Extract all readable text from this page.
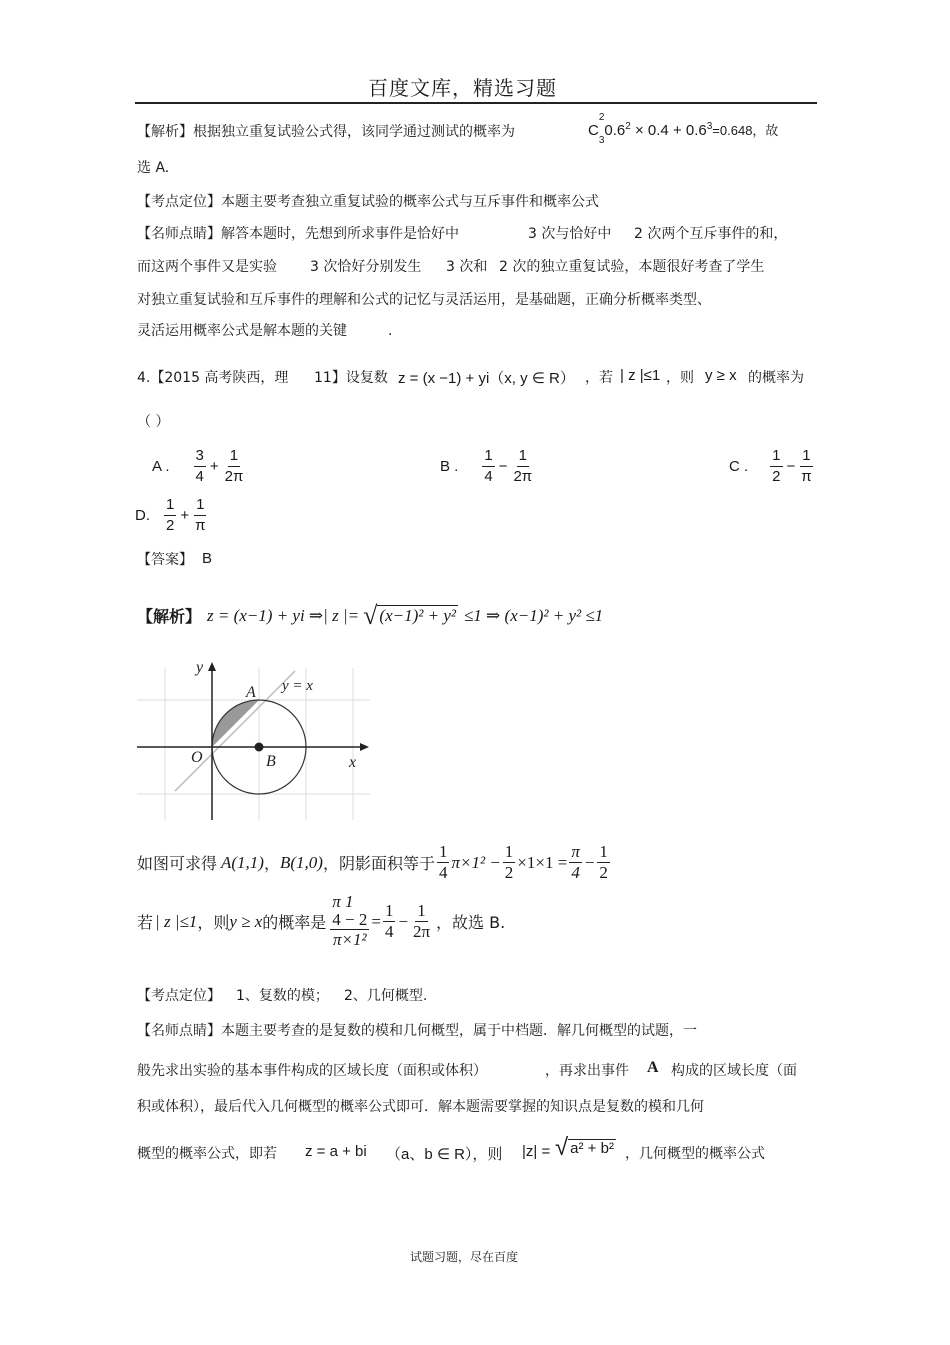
百度文库，精选习题
【解析】根据独立重复试验公式得，该同学通过测试的概率为	C
2
$_30.6^2 \times 0.4 + 0.6^3=0.648$，故
选 A.
【考点定位】本题主要考查独立重复试验的概率公式与互斥事件和概率公式
【名师点睛】解答本题时，先想到所求事件是恰好中	3 次与恰好中 2 次两个互斥事件的和，
而这两个事件又是实验 3 次恰好分别发生 3 次和 2 次的独立重复试验，本题很好考查了学生
对独立重复试验和互斥事件的理解和公式的记忆与灵活运用，是基础题，正确分析概率类型、
灵活运用概率公式是解本题的关键	.
4.【2015 高考陕西，理 11】设复数 z = (x −1) + yi（x, y ∈ R） ，若 | z |≤1 ，则 y ≥ x 的概率为
（ ）
A . $\frac{3}{4} + \frac{1}{2\pi}$	B . $\frac{1}{4} - \frac{1}{2\pi}$	C . $\frac{1}{2} - \frac{1}{\pi}$
D. $\frac{1}{2} + \frac{1}{\pi}$
【答案】 B
【解析】 z = (x−1) + yi ⇒| z |= √ (x−1)² + y² ≤1 ⇒ (x−1)² + y² ≤1
y
x
O
A
B
y = x
如图可求得 A(1,1) ， B(1,0) ，阴影面积等于 $\frac{1}{4} \pi\times 1^2 - \frac{1}{2} \times 1\times 1 = \frac{\pi}{4} - \frac{1}{2}$
若 | z |≤1 ，则 y ≥ x 的概率是 π 1
4 − 2
$\pi\times 1^2 = \frac{1}{4} - \frac{1}{2\pi}$ ，故选 B.
【考点定位】 1、复数的模； 2、几何概型.
【名师点睛】本题主要考查的是复数的模和几何概型，属于中档题．解几何概型的试题，一
般先求出实验的基本事件构成的区域长度（面积或体积）	，再求出事件 A 构成的区域长度（面
积或体积），最后代入几何概型的概率公式即可．解本题需要掌握的知识点是复数的模和几何
概型的概率公式，即若 z = a + bi （a、b ∈ R），则 |z| = √ a² + b² ，几何概型的概率公式
试题习题，尽在百度
